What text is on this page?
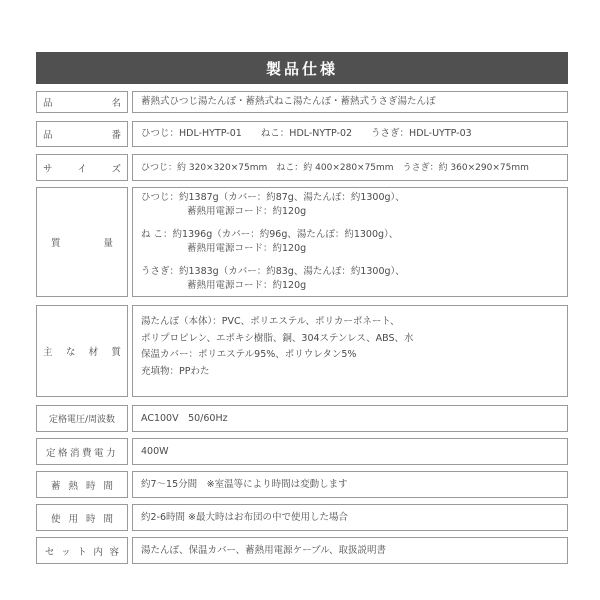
製品仕様
品	名 蓄熱式ひつじ湯たんぽ・蓄熱式ねこ湯たんぽ・蓄熱式うさぎ湯たんぽ
品	番 ひつじ：HDL-HYTP-01　　ねこ：HDL-NYTP-02　　うさぎ：HDL-UYTP-03
サ	イ	ズ ひつじ：約 320×320×75mm　ねこ：約 400×280×75mm　うさぎ：約 360×290×75mm
質	量
ひつじ：約1387g（カバー：約87g、湯たんぽ：約1300g）、
蓄熱用電源コード：約120g
ね こ：約1396g（カバー：約96g、湯たんぽ：約1300g）、
蓄熱用電源コード：約120g
うさぎ：約1383g（カバー：約83g、湯たんぽ：約1300g）、
蓄熱用電源コード：約120g
主 な 材 質
湯たんぽ（本体）：PVC、ポリエステル、ポリカーボネート、
ポリプロピレン、エポキシ樹脂、銅、304ステンレス、ABS、水
保温カバー：ポリエステル95%、ポリウレタン5%
充填物：PPわた
定格電圧/周波数	AC100V　50/60Hz
定格消費電力 400W
蓄 熱 時 間	約7～15分間　※室温等により時間は変動します
使 用 時 間	約2-6時間 ※最大時はお布団の中で使用した場合
セ ッ ト 内 容 湯たんぽ、保温カバー、蓄熱用電源ケーブル、取扱説明書
